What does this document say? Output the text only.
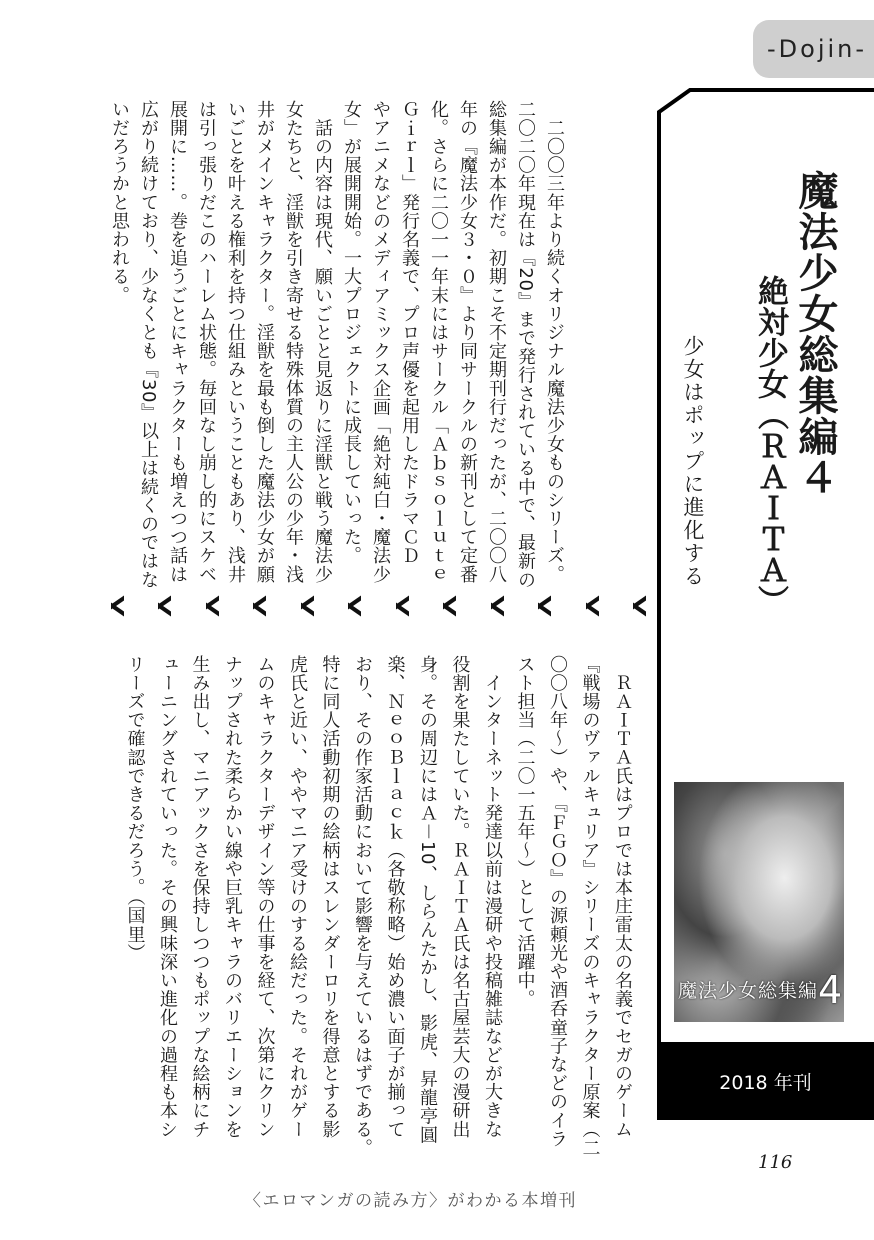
-Dojin-
魔法少女総集編４
絶対少女（ＲＡＩＴＡ）
少女はポップに進化する
　二〇〇三年より続くオリジナル魔法少女ものシリーズ。
二〇二〇年現在は『20』まで発行されている中で、最新の
総集編が本作だ。初期こそ不定期刊行だったが、二〇〇八
年の『魔法少女３・０』より同サークルの新刊として定番
化。さらに二〇一一年末にはサークル「Ａｂｓｏｌｕｔｅ
Ｇｉｒｌ」発行名義で、プロ声優を起用したドラマＣＤ
やアニメなどのメディアミックス企画「絶対純白・魔法少
女」が展開開始。一大プロジェクトに成長していった。
　話の内容は現代、願いごとと見返りに淫獣と戦う魔法少
女たちと、淫獣を引き寄せる特殊体質の主人公の少年・浅
井がメインキャラクター。淫獣を最も倒した魔法少女が願
いごとを叶える権利を持つ仕組みということもあり、浅井
は引っ張りだこのハーレム状態。毎回なし崩し的にスケベ
展開に……。巻を追うごとにキャラクターも増えつつ話は
広がり続けており、少なくとも『30』以上は続くのではな
いだろうかと思われる。
　ＲＡＩＴＡ氏はプロでは本庄雷太の名義でセガのゲーム
『戦場のヴァルキュリア』シリーズのキャラクター原案（二
〇〇八年～）や、『ＦＧＯ』の源頼光や酒呑童子などのイラ
スト担当（二〇一五年～）として活躍中。
　インターネット発達以前は漫研や投稿雑誌などが大きな
役割を果たしていた。ＲＡＩＴＡ氏は名古屋芸大の漫研出
身。その周辺にはＡ－10、しらんたかし、影虎、昇龍亭圓
楽、ＮｅｏＢｌａｃｋ（各敬称略）始め濃い面子が揃って
おり、その作家活動において影響を与えているはずである。
特に同人活動初期の絵柄はスレンダーロリを得意とする影
虎氏と近い、ややマニア受けのする絵だった。それがゲー
ムのキャラクターデザイン等の仕事を経て、次第にクリン
ナップされた柔らかい線や巨乳キャラのバリエーションを
生み出し、マニアックさを保持しつつもポップな絵柄にチ
ューニングされていった。その興味深い進化の過程も本シ
リーズで確認できるだろう。（国里）
魔法少女総集編4
2018 年刊
116
〈エロマンガの読み方〉がわかる本増刊
